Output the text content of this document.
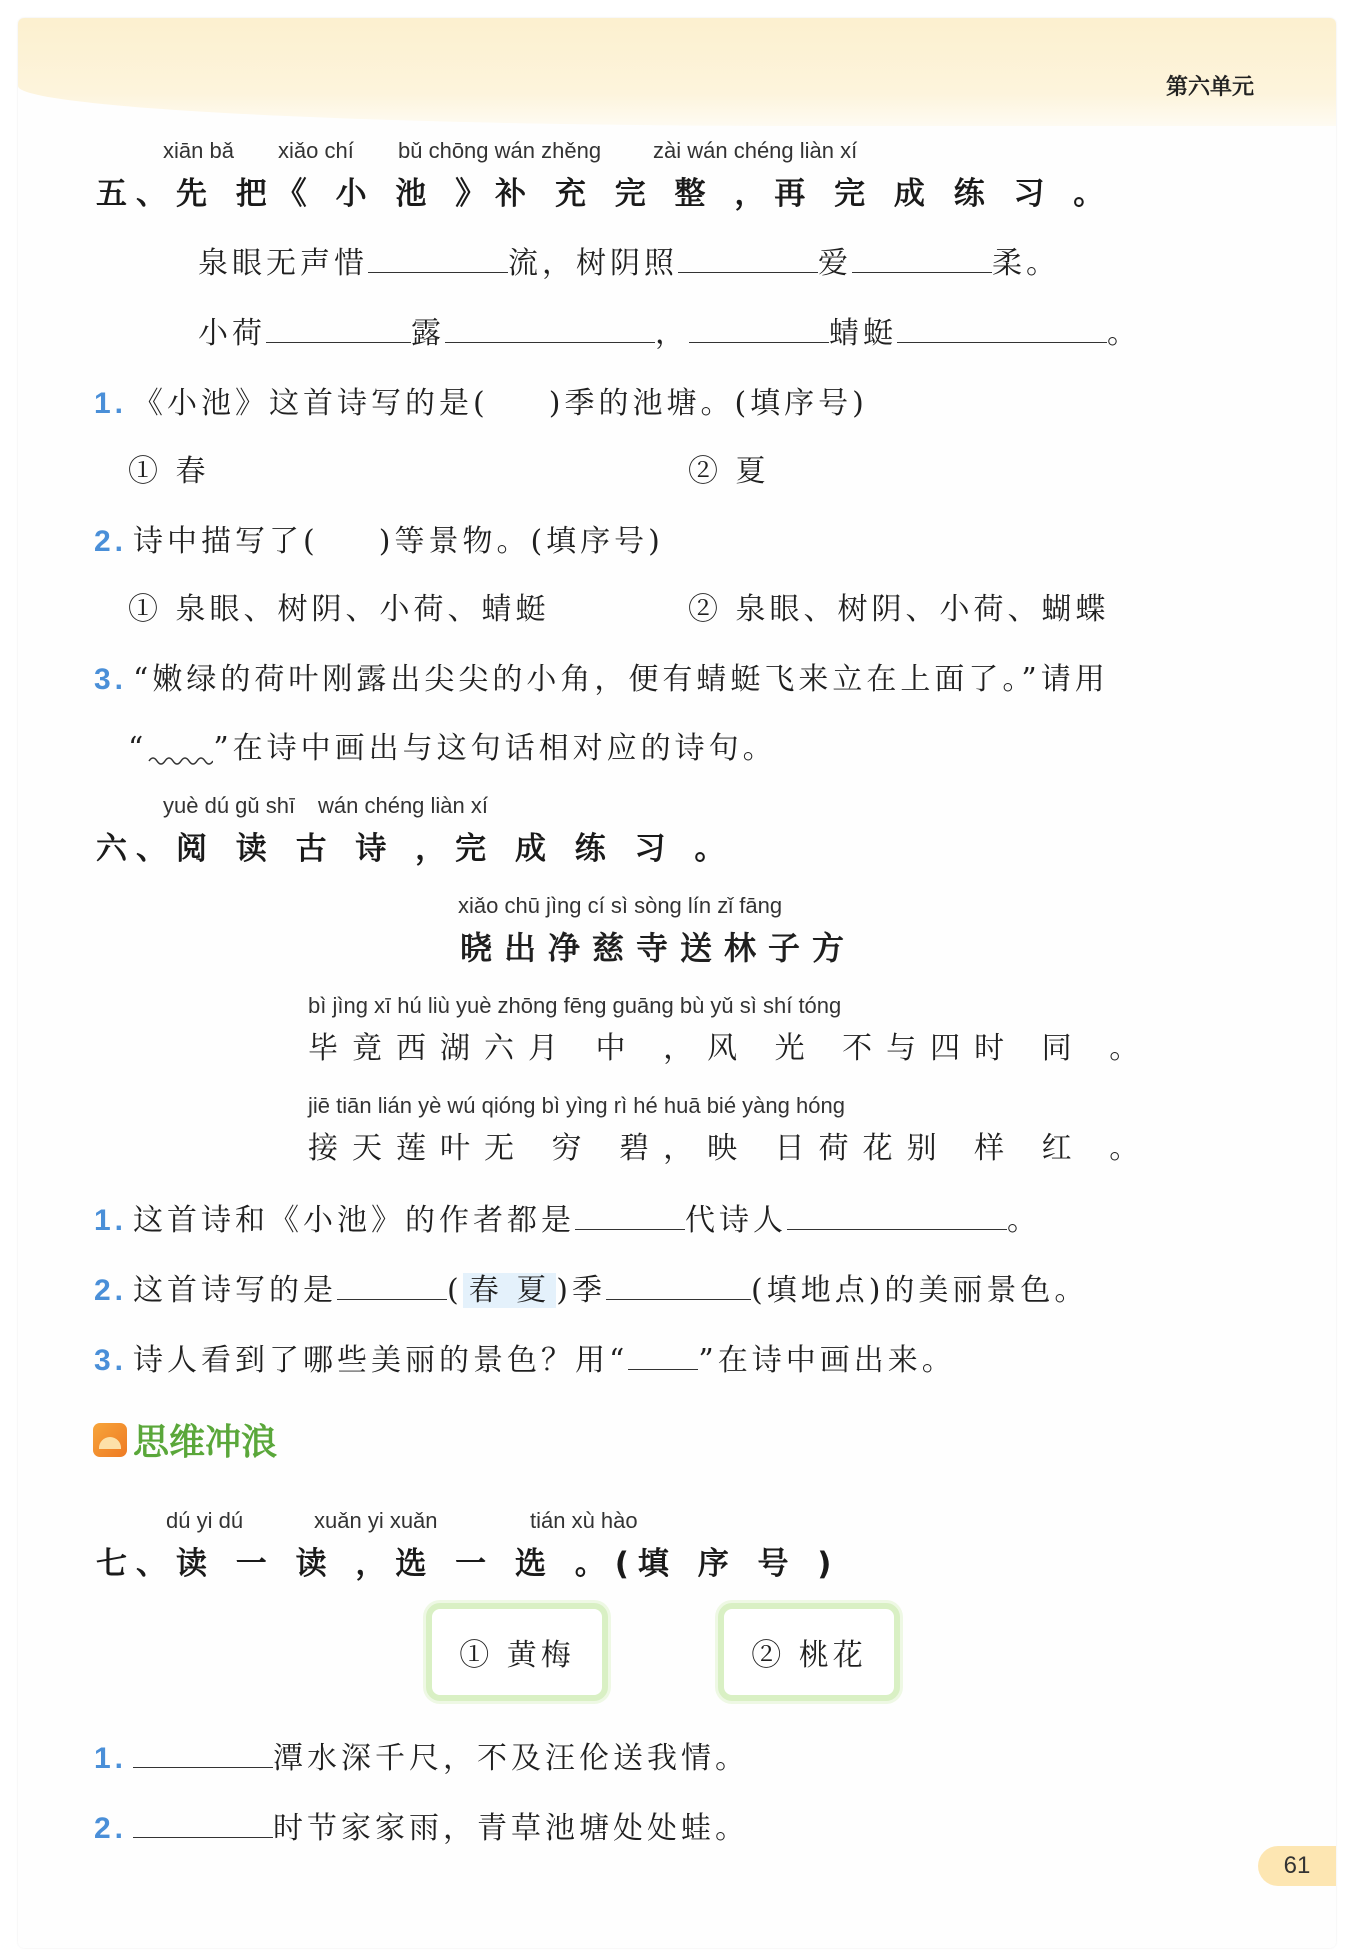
第六单元
xiān bǎ xiǎo chí bǔ chōng wán zhěng zài wán chéng liàn xí
五、先 把《 小 池 》补 充 完 整 ，再 完 成 练 习 。
泉眼无声惜	流，树阴照	爱	柔。
小荷	露	，	蜻蜓	。
1. 《小池》这首诗写的是( )季的池塘。(填序号)
① 春	② 夏
2. 诗中描写了( )等景物。(填序号)
① 泉眼、树阴、小荷、蜻蜓	② 泉眼、树阴、小荷、蝴蝶
3. “嫩绿的荷叶刚露出尖尖的小角，便有蜻蜓飞来立在上面了。”请用
“ ”在诗中画出与这句话相对应的诗句。
yuè dú gǔ shī wán chéng liàn xí
六、阅 读 古 诗 ，完 成 练 习 。
xiǎo chū jìng cí sì sòng lín zǐ fāng
晓出净慈寺送林子方
bì jìng xī hú liù yuè zhōng fēng guāng bù yǔ sì shí tóng
毕竟西湖六月 中 ，风 光 不与四时 同 。
jiē tiān lián yè wú qióng bì yìng rì hé huā bié yàng hóng
接天莲叶无 穷 碧，映 日荷花别 样 红 。
1. 这首诗和《小池》的作者都是	代诗人	。
2. 这首诗写的是	( 春 夏 )季	(填地点)的美丽景色。
3. 诗人看到了哪些美丽的景色？用“ ”在诗中画出来。
思维冲浪
dú yi dú	xuǎn yi xuǎn	tián xù hào
七、读 一 读 ，选 一 选 。(填 序 号 )
① 黄梅	② 桃花
1.	潭水深千尺，不及汪伦送我情。
2.	时节家家雨，青草池塘处处蛙。
61
